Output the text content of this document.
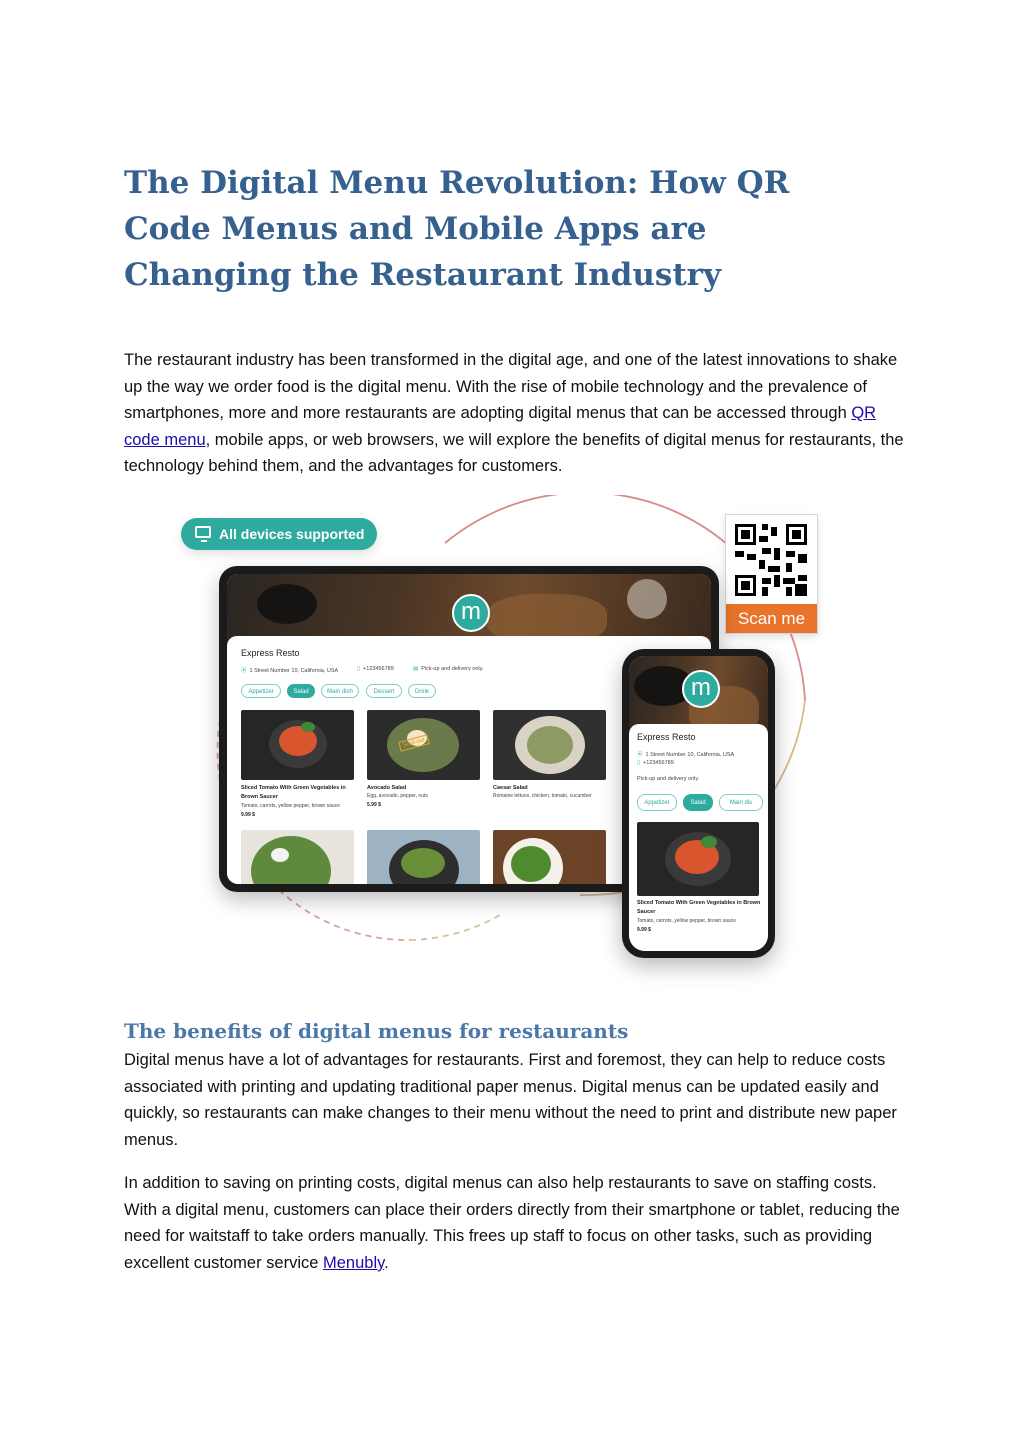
The Digital Menu Revolution: How QR Code Menus and Mobile Apps are Changing the Restaurant Industry

The restaurant industry has been transformed in the digital age, and one of the latest innovations to shake up the way we order food is the digital menu. With the rise of mobile technology and the prevalence of smartphones, more and more restaurants are adopting digital menus that can be accessed through QR code menu, mobile apps, or web browsers, we will explore the benefits of digital menus for restaurants, the technology behind them, and the advantages for customers.

All devices supported
Scan me
m
Express Resto
⦿ 1 Street Number 10, California, USA	▯ +123456789	▤ Pick-up and delivery only.
Appetizer	Salad	Main dish	Dessert	Drink
Sold out
Sliced Tomato With Green Vegetables in Brown Saucer
Tomato, carrots, yellow pepper, brown sauce
9.99 $
Avocado Salad
Egg, avocado, pepper, nuts
5.99 $
Caesar Salad
Romaine lettuce, chicken, tomato, cucumber
m
Express Resto
⦿ 1 Street Number 10, California, USA
▯ +123456789
Pick-up and delivery only.
Appetizer	Salad	Main dis
Sliced Tomato With Green Vegetables in Brown Saucer
Tomato, carrots, yellow pepper, brown sauce
9.99 $
The benefits of digital menus for restaurants

Digital menus have a lot of advantages for restaurants. First and foremost, they can help to reduce costs associated with printing and updating traditional paper menus. Digital menus can be updated easily and quickly, so restaurants can make changes to their menu without the need to print and distribute new paper menus.

In addition to saving on printing costs, digital menus can also help restaurants to save on staffing costs. With a digital menu, customers can place their orders directly from their smartphone or tablet, reducing the need for waitstaff to take orders manually. This frees up staff to focus on other tasks, such as providing excellent customer service Menubly.
